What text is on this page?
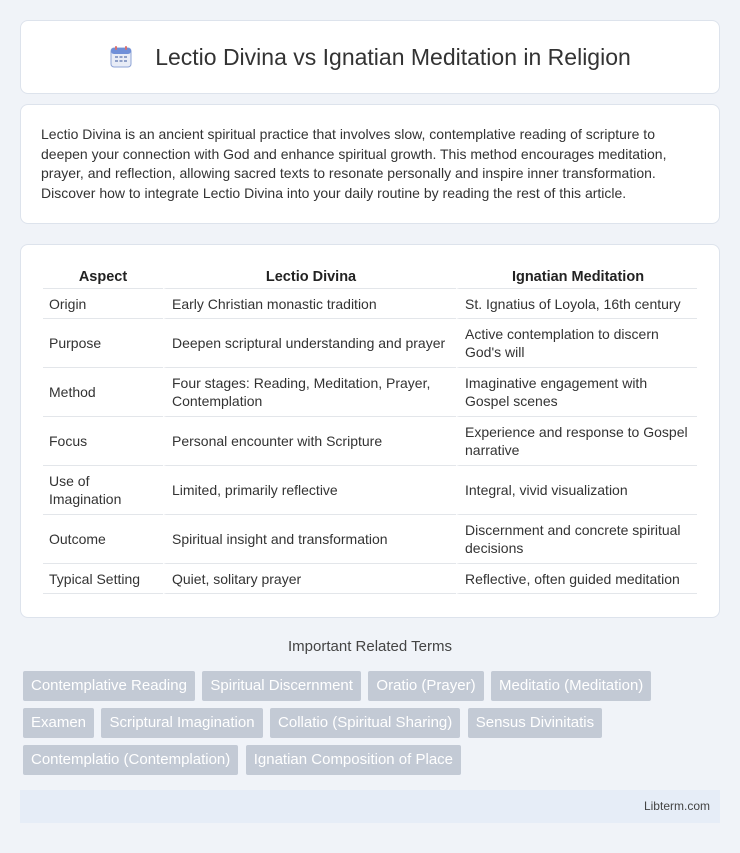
Lectio Divina vs Ignatian Meditation in Religion

Lectio Divina is an ancient spiritual practice that involves slow, contemplative reading of scripture to deepen your connection with God and enhance spiritual growth. This method encourages meditation, prayer, and reflection, allowing sacred texts to resonate personally and inspire inner transformation. Discover how to integrate Lectio Divina into your daily routine by reading the rest of this article.

Aspect	Lectio Divina	Ignatian Meditation
Origin	Early Christian monastic tradition	St. Ignatius of Loyola, 16th century
Purpose	Deepen scriptural understanding and prayer	Active contemplation to discern God's will
Method	Four stages: Reading, Meditation, Prayer, Contemplation	Imaginative engagement with Gospel scenes
Focus	Personal encounter with Scripture	Experience and response to Gospel narrative
Use of Imagination	Limited, primarily reflective	Integral, vivid visualization
Outcome	Spiritual insight and transformation	Discernment and concrete spiritual decisions
Typical Setting	Quiet, solitary prayer	Reflective, often guided meditation
Important Related Terms
Contemplative Reading Spiritual Discernment Oratio (Prayer) Meditatio (Meditation) Examen Scriptural Imagination Collatio (Spiritual Sharing) Sensus Divinitatis Contemplatio (Contemplation) Ignatian Composition of Place
Libterm.com
